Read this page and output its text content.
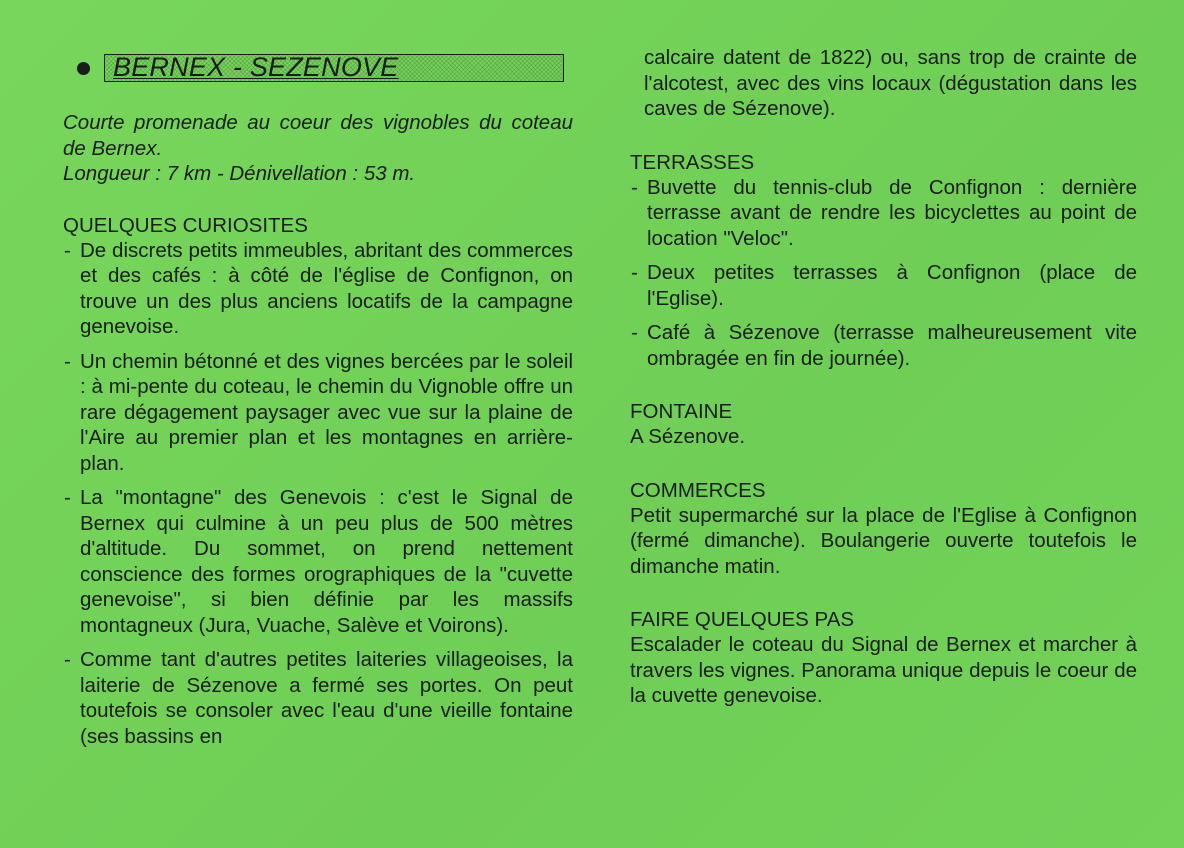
BERNEX - SEZENOVE

Courte promenade au coeur des vignobles du coteau de Bernex.

Longueur : 7 km - Dénivellation : 53 m.

QUELQUES CURIOSITES
- De discrets petits immeubles, abritant des commerces et des cafés : à côté de l'église de Confignon, on trouve un des plus anciens locatifs de la campagne genevoise.
- Un chemin bétonné et des vignes bercées par le soleil : à mi-pente du coteau, le chemin du Vignoble offre un rare dégagement paysager avec vue sur la plaine de l'Aire au premier plan et les montagnes en arrière-plan.
- La "montagne" des Genevois : c'est le Signal de Bernex qui culmine à un peu plus de 500 mètres d'altitude. Du sommet, on prend nettement conscience des formes orographiques de la "cuvette genevoise", si bien définie par les massifs montagneux (Jura, Vuache, Salève et Voirons).
- Comme tant d'autres petites laiteries villageoises, la laiterie de Sézenove a fermé ses portes. On peut toutefois se consoler avec l'eau d'une vieille fontaine (ses bassins en

calcaire datent de 1822) ou, sans trop de crainte de l'alcotest, avec des vins locaux (dégustation dans les caves de Sézenove).

TERRASSES
- Buvette du tennis-club de Confignon : dernière terrasse avant de rendre les bicyclettes au point de location "Veloc".
- Deux petites terrasses à Confignon (place de l'Eglise).
- Café à Sézenove (terrasse malheureusement vite ombragée en fin de journée).
FONTAINE

A Sézenove.

COMMERCES

Petit supermarché sur la place de l'Eglise à Confignon (fermé dimanche). Boulangerie ouverte toutefois le dimanche matin.

FAIRE QUELQUES PAS

Escalader le coteau du Signal de Bernex et marcher à travers les vignes. Panorama unique depuis le coeur de la cuvette genevoise.
